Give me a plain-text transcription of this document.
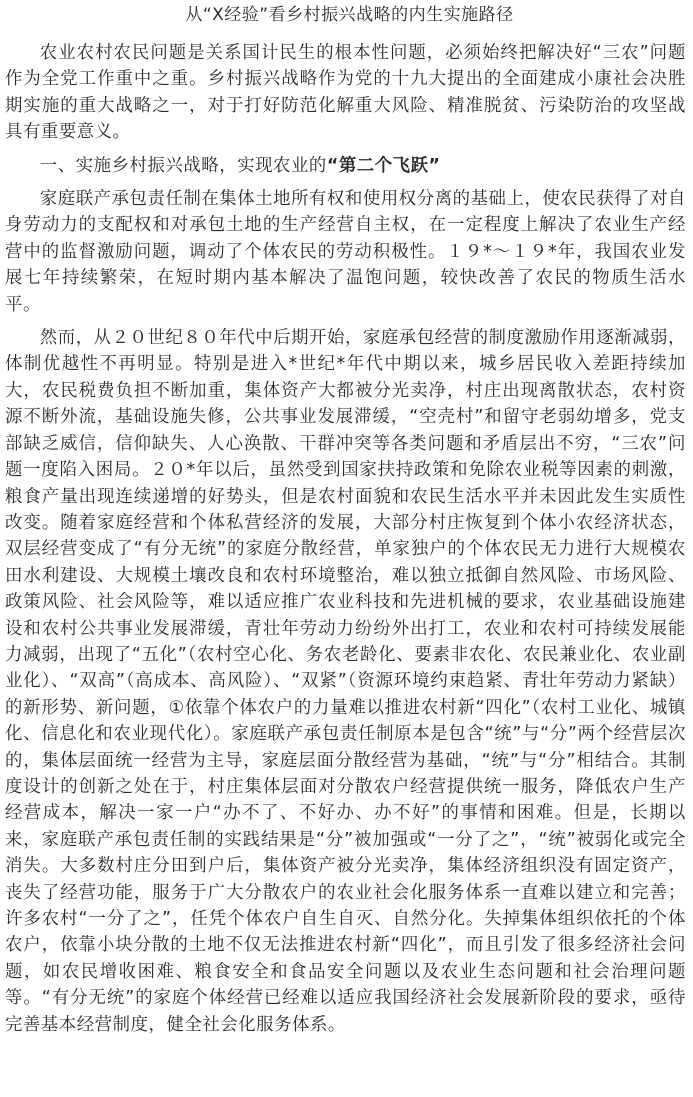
从“X经验”看乡村振兴战略的内生实施路径

农业农村农民问题是关系国计民生的根本性问题，必须始终把解决好“三农”问题作为全党工作重中之重。乡村振兴战略作为党的十九大提出的全面建成小康社会决胜期实施的重大战略之一，对于打好防范化解重大风险、精准脱贫、污染防治的攻坚战具有重要意义。

一、实施乡村振兴战略，实现农业的“第二个飞跃”

家庭联产承包责任制在集体土地所有权和使用权分离的基础上，使农民获得了对自身劳动力的支配权和对承包土地的生产经营自主权，在一定程度上解决了农业生产经营中的监督激励问题，调动了个体农民的劳动积极性。１９*～１９*年，我国农业发展七年持续繁荣，在短时期内基本解决了温饱问题，较快改善了农民的物质生活水平。

然而，从２０世纪８０年代中后期开始，家庭承包经营的制度激励作用逐渐减弱，体制优越性不再明显。特别是进入*世纪*年代中期以来，城乡居民收入差距持续加大，农民税费负担不断加重，集体资产大都被分光卖净，村庄出现离散状态，农村资源不断外流，基础设施失修，公共事业发展滞缓，“空壳村”和留守老弱幼增多，党支部缺乏威信，信仰缺失、人心涣散、干群冲突等各类问题和矛盾层出不穷，“三农”问题一度陷入困局。２０*年以后，虽然受到国家扶持政策和免除农业税等因素的刺激，粮食产量出现连续递增的好势头，但是农村面貌和农民生活水平并未因此发生实质性改变。随着家庭经营和个体私营经济的发展，大部分村庄恢复到个体小农经济状态，双层经营变成了“有分无统”的家庭分散经营，单家独户的个体农民无力进行大规模农田水利建设、大规模土壤改良和农村环境整治，难以独立抵御自然风险、市场风险、政策风险、社会风险等，难以适应推广农业科技和先进机械的要求，农业基础设施建设和农村公共事业发展滞缓，青壮年劳动力纷纷外出打工，农业和农村可持续发展能力减弱，出现了“五化”（农村空心化、务农老龄化、要素非农化、农民兼业化、农业副业化）、“双高”（高成本、高风险）、“双紧”（资源环境约束趋紧、青壮年劳动力紧缺）的新形势、新问题，①依靠个体农户的力量难以推进农村新“四化”（农村工业化、城镇化、信息化和农业现代化）。家庭联产承包责任制原本是包含“统”与“分”两个经营层次的，集体层面统一经营为主导，家庭层面分散经营为基础，“统”与“分”相结合。其制度设计的创新之处在于，村庄集体层面对分散农户经营提供统一服务，降低农户生产经营成本，解决一家一户“办不了、不好办、办不好”的事情和困难。但是，长期以来，家庭联产承包责任制的实践结果是“分”被加强或“一分了之”，“统”被弱化或完全消失。大多数村庄分田到户后，集体资产被分光卖净，集体经济组织没有固定资产，丧失了经营功能，服务于广大分散农户的农业社会化服务体系一直难以建立和完善；许多农村“一分了之”，任凭个体农户自生自灭、自然分化。失掉集体组织依托的个体农户，依靠小块分散的土地不仅无法推进农村新“四化”，而且引发了很多经济社会问题，如农民增收困难、粮食安全和食品安全问题以及农业生态问题和社会治理问题等。“有分无统”的家庭个体经营已经难以适应我国经济社会发展新阶段的要求，亟待完善基本经营制度，健全社会化服务体系。
